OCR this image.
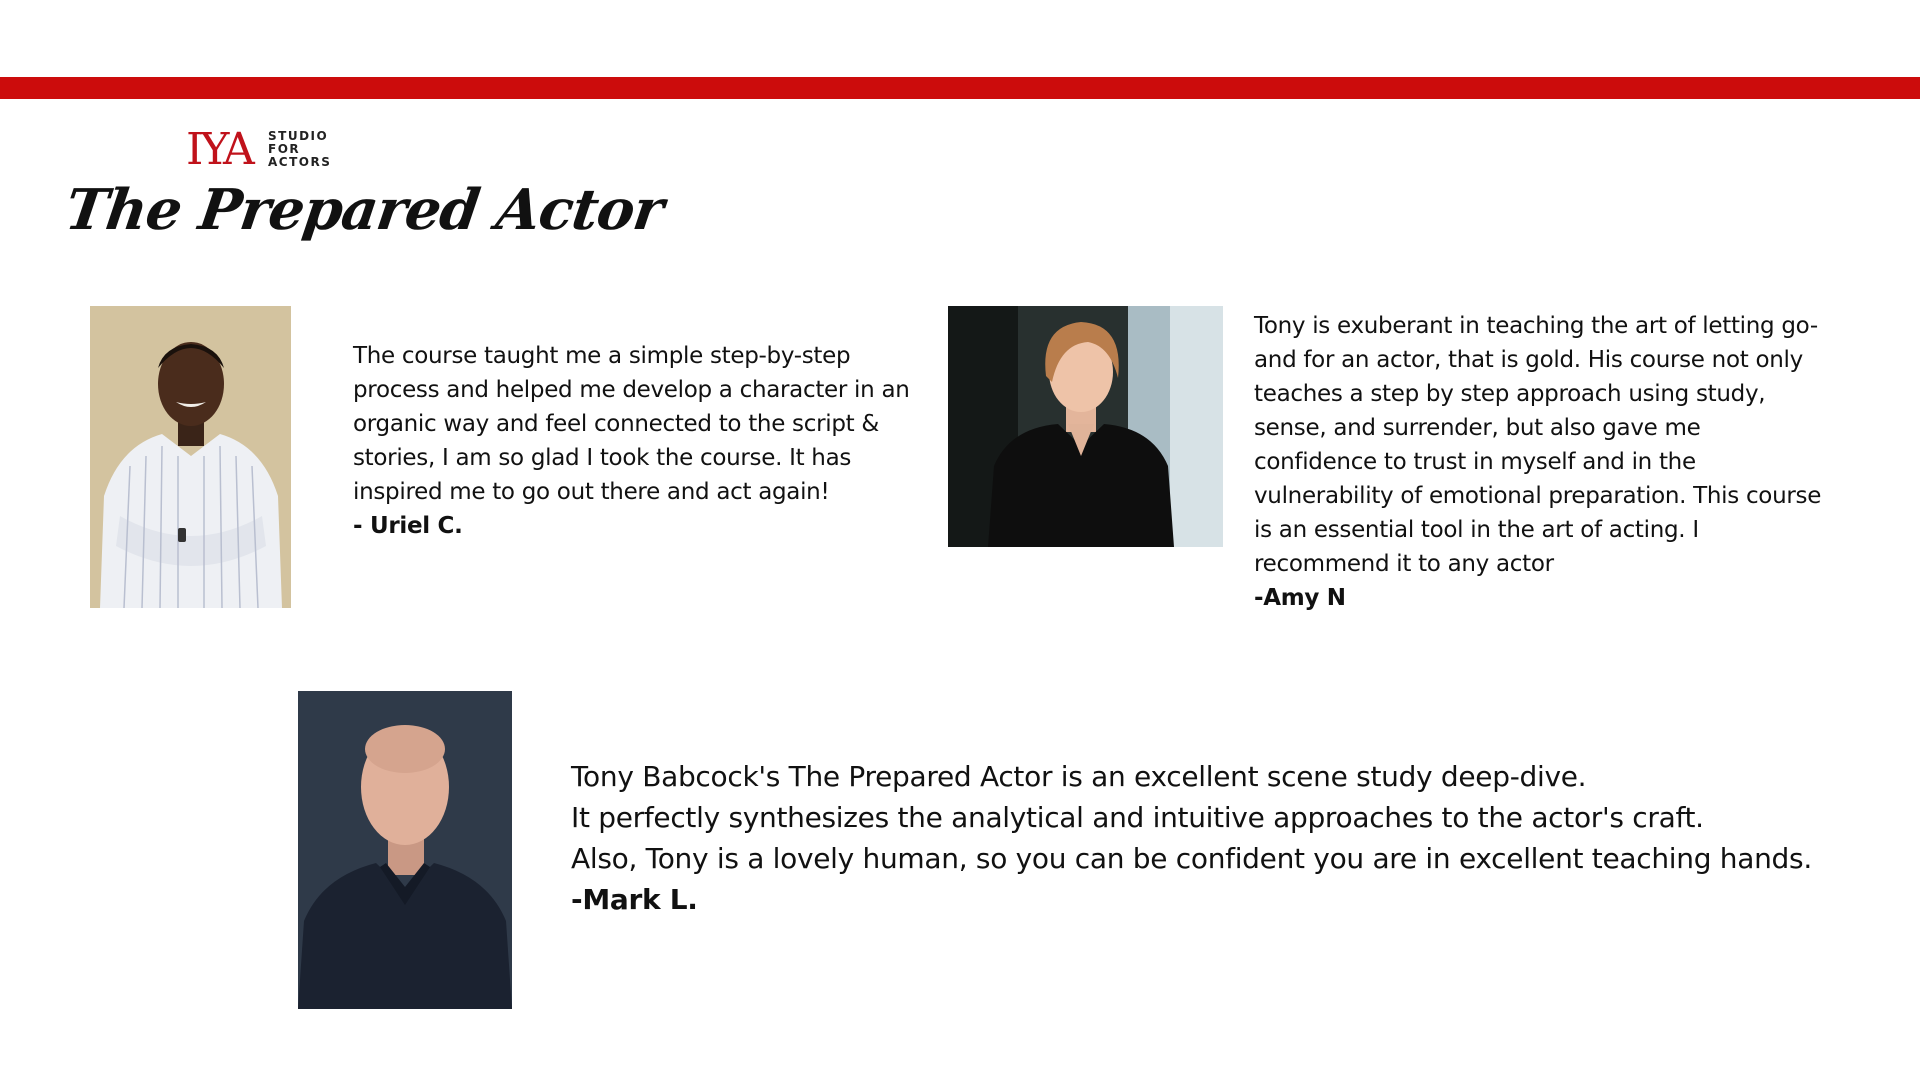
IYA STUDIO
FOR
ACTORS
The Prepared Actor
The course taught me a simple step-by-step
process and helped me develop a character in an
organic way and feel connected to the script &
stories, I am so glad I took the course. It has
inspired me to go out there and act again!
- Uriel C.
Tony is exuberant in teaching the art of letting go-
and for an actor, that is gold. His course not only
teaches a step by step approach using study,
sense, and surrender, but also gave me
confidence to trust in myself and in the
vulnerability of emotional preparation. This course
is an essential tool in the art of acting. I
recommend it to any actor
-Amy N
Tony Babcock's The Prepared Actor is an excellent scene study deep-dive.
It perfectly synthesizes the analytical and intuitive approaches to the actor's craft.
Also, Tony is a lovely human, so you can be confident you are in excellent teaching hands.
-Mark L.
